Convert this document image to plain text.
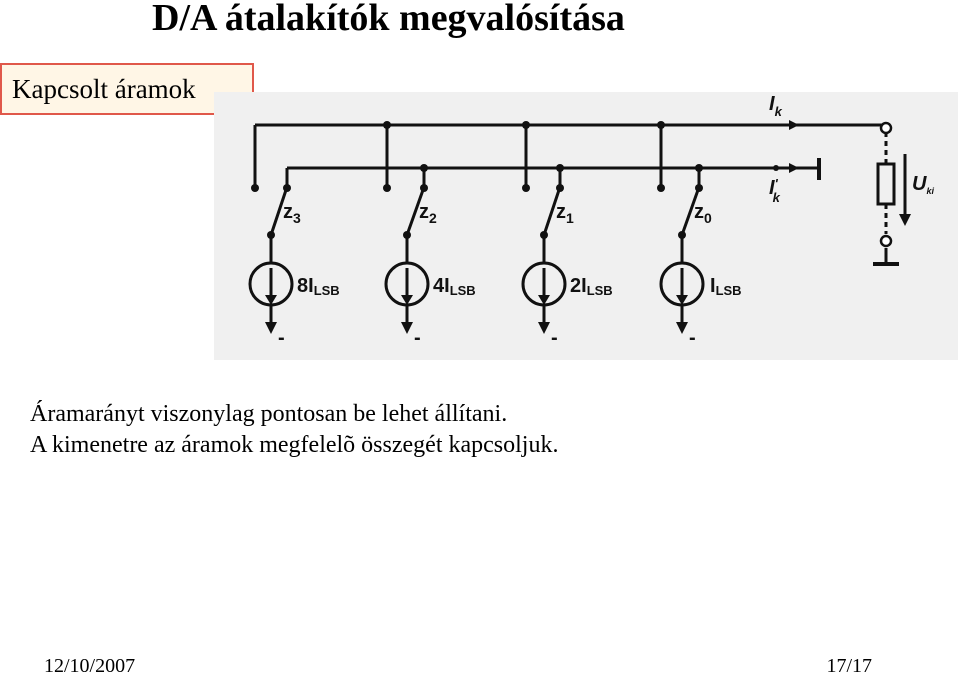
D/A átalakítók megvalósítása
Kapcsolt áramok
$z_3$	$z_2$	$z_1$	$z_0$
8ILSB	4ILSB	2ILSB	ILSB
-	-	-	-
$I_k$
I' k
$U_{ki}$
Áramarányt viszonylag pontosan be lehet állítani.
A kimenetre az áramok megfelelõ összegét kapcsoljuk.
12/10/2007	17/17
